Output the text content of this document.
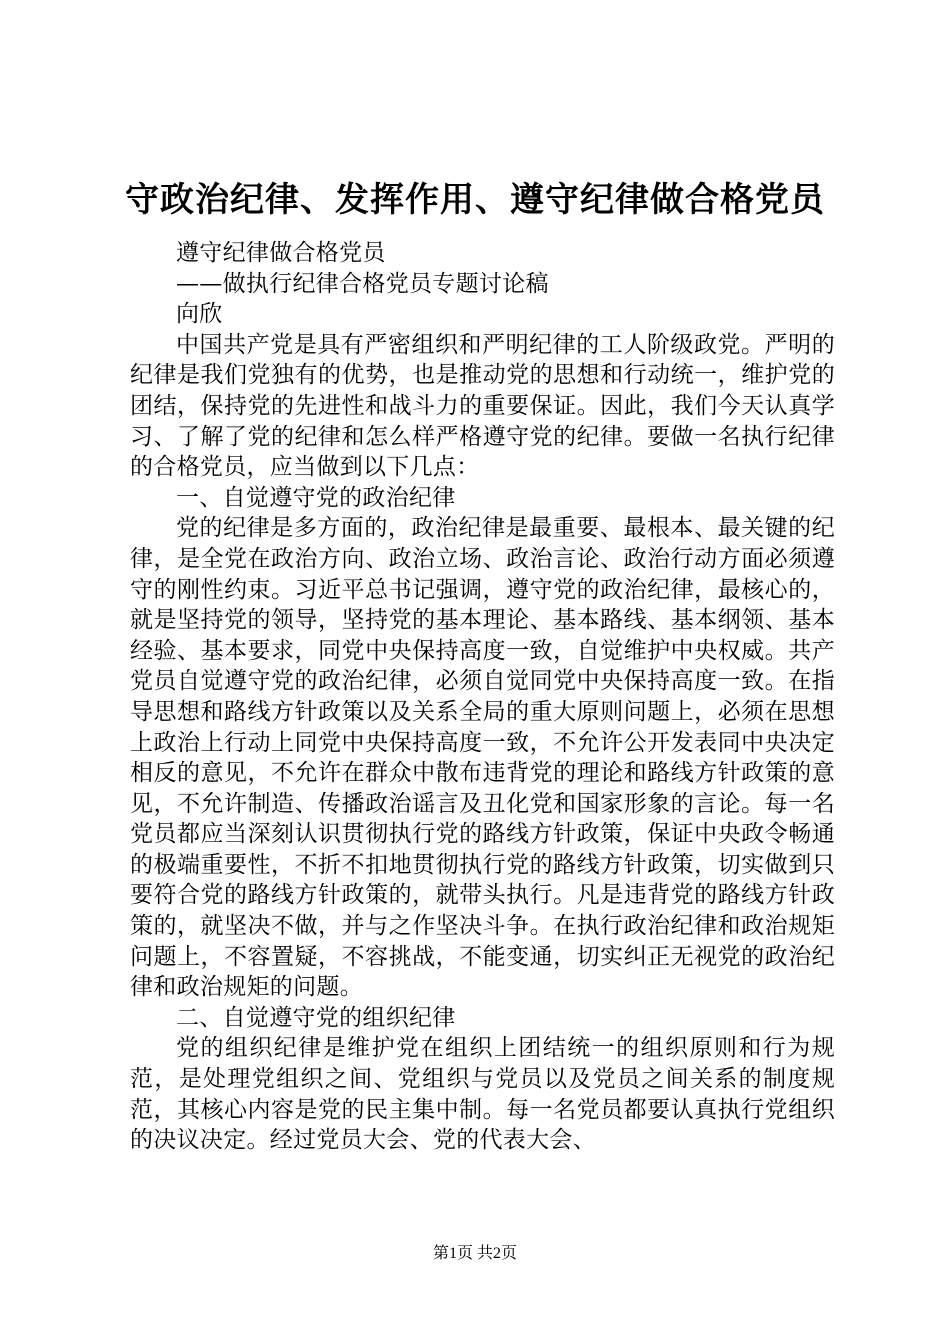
守政治纪律、发挥作用、遵守纪律做合格党员

遵守纪律做合格党员

——做执行纪律合格党员专题讨论稿

向欣

中国共产党是具有严密组织和严明纪律的工人阶级政党。严明的纪律是我们党独有的优势，也是推动党的思想和行动统一，维护党的团结，保持党的先进性和战斗力的重要保证。因此，我们今天认真学习、了解了党的纪律和怎么样严格遵守党的纪律。要做一名执行纪律的合格党员，应当做到以下几点：

一、自觉遵守党的政治纪律

党的纪律是多方面的，政治纪律是最重要、最根本、最关键的纪律，是全党在政治方向、政治立场、政治言论、政治行动方面必须遵守的刚性约束。习近平总书记强调，遵守党的政治纪律，最核心的，就是坚持党的领导，坚持党的基本理论、基本路线、基本纲领、基本经验、基本要求，同党中央保持高度一致，自觉维护中央权威。共产党员自觉遵守党的政治纪律，必须自觉同党中央保持高度一致。在指导思想和路线方针政策以及关系全局的重大原则问题上，必须在思想上政治上行动上同党中央保持高度一致，不允许公开发表同中央决定相反的意见，不允许在群众中散布违背党的理论和路线方针政策的意见，不允许制造、传播政治谣言及丑化党和国家形象的言论。每一名党员都应当深刻认识贯彻执行党的路线方针政策，保证中央政令畅通的极端重要性，不折不扣地贯彻执行党的路线方针政策，切实做到只要符合党的路线方针政策的，就带头执行。凡是违背党的路线方针政策的，就坚决不做，并与之作坚决斗争。在执行政治纪律和政治规矩问题上，不容置疑，不容挑战，不能变通，切实纠正无视党的政治纪律和政治规矩的问题。

二、自觉遵守党的组织纪律

党的组织纪律是维护党在组织上团结统一的组织原则和行为规范，是处理党组织之间、党组织与党员以及党员之间关系的制度规范，其核心内容是党的民主集中制。每一名党员都要认真执行党组织的决议决定。经过党员大会、党的代表大会、

第1页 共2页
